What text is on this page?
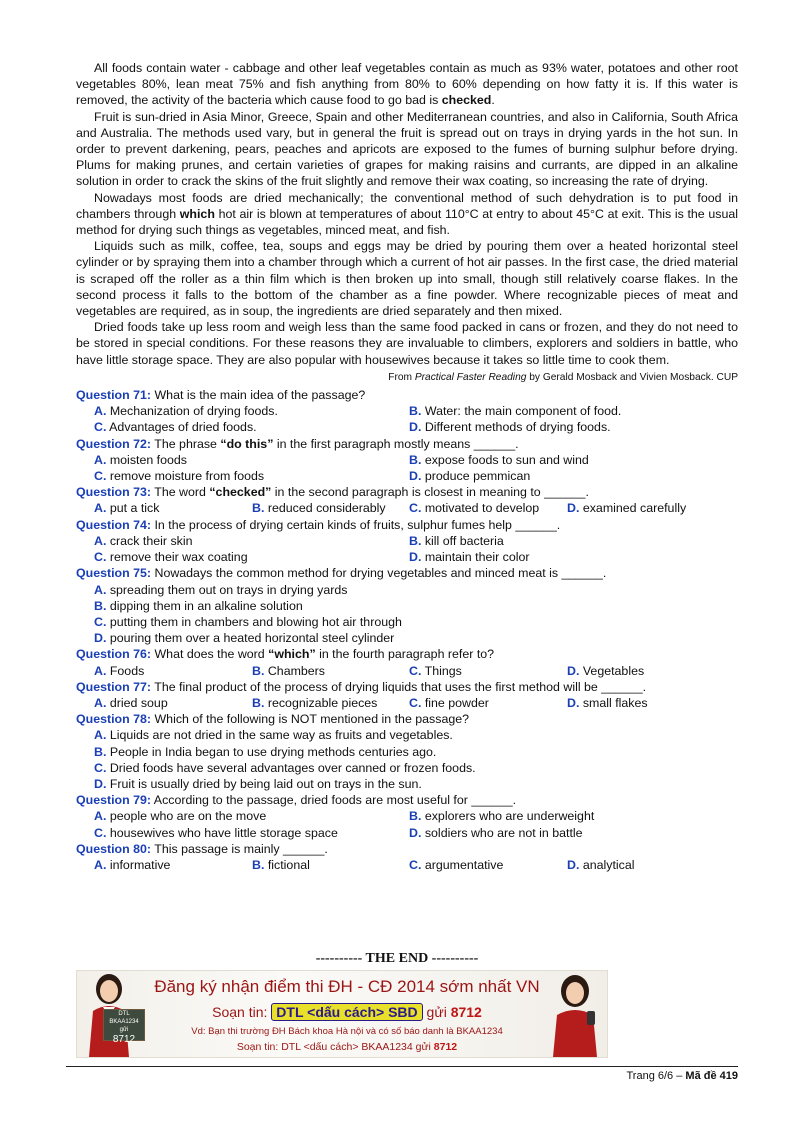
All foods contain water - cabbage and other leaf vegetables contain as much as 93% water, potatoes and other root vegetables 80%, lean meat 75% and fish anything from 80% to 60% depending on how fatty it is. If this water is removed, the activity of the bacteria which cause food to go bad is checked.

Fruit is sun-dried in Asia Minor, Greece, Spain and other Mediterranean countries, and also in California, South Africa and Australia. The methods used vary, but in general the fruit is spread out on trays in drying yards in the hot sun. In order to prevent darkening, pears, peaches and apricots are exposed to the fumes of burning sulphur before drying. Plums for making prunes, and certain varieties of grapes for making raisins and currants, are dipped in an alkaline solution in order to crack the skins of the fruit slightly and remove their wax coating, so increasing the rate of drying.

Nowadays most foods are dried mechanically; the conventional method of such dehydration is to put food in chambers through which hot air is blown at temperatures of about 110°C at entry to about 45°C at exit. This is the usual method for drying such things as vegetables, minced meat, and fish.

Liquids such as milk, coffee, tea, soups and eggs may be dried by pouring them over a heated horizontal steel cylinder or by spraying them into a chamber through which a current of hot air passes. In the first case, the dried material is scraped off the roller as a thin film which is then broken up into small, though still relatively coarse flakes. In the second process it falls to the bottom of the chamber as a fine powder. Where recognizable pieces of meat and vegetables are required, as in soup, the ingredients are dried separately and then mixed.

Dried foods take up less room and weigh less than the same food packed in cans or frozen, and they do not need to be stored in special conditions. For these reasons they are invaluable to climbers, explorers and soldiers in battle, who have little storage space. They are also popular with housewives because it takes so little time to cook them.

From Practical Faster Reading by Gerald Mosback and Vivien Mosback. CUP

Question 71: What is the main idea of the passage?

A. Mechanization of drying foods.	B. Water: the main component of food.
C. Advantages of dried foods.	D. Different methods of drying foods.

Question 72: The phrase “do this” in the first paragraph mostly means ______.

A. moisten foods	B. expose foods to sun and wind
C. remove moisture from foods	D. produce pemmican

Question 73: The word “checked” in the second paragraph is closest in meaning to ______.

A. put a tick	B. reduced considerably	C. motivated to develop	D. examined carefully

Question 74: In the process of drying certain kinds of fruits, sulphur fumes help ______.

A. crack their skin	B. kill off bacteria
C. remove their wax coating	D. maintain their color

Question 75: Nowadays the common method for drying vegetables and minced meat is ______.

A. spreading them out on trays in drying yards
B. dipping them in an alkaline solution
C. putting them in chambers and blowing hot air through
D. pouring them over a heated horizontal steel cylinder

Question 76: What does the word “which” in the fourth paragraph refer to?

A. Foods	B. Chambers	C. Things	D. Vegetables

Question 77: The final product of the process of drying liquids that uses the first method will be ______.

A. dried soup	B. recognizable pieces	C. fine powder	D. small flakes

Question 78: Which of the following is NOT mentioned in the passage?

A. Liquids are not dried in the same way as fruits and vegetables.
B. People in India began to use drying methods centuries ago.
C. Dried foods have several advantages over canned or frozen foods.
D. Fruit is usually dried by being laid out on trays in the sun.

Question 79: According to the passage, dried foods are most useful for ______.

A. people who are on the move	B. explorers who are underweight
C. housewives who have little storage space	D. soldiers who are not in battle

Question 80: This passage is mainly ______.

A. informative	B. fictional	C. argumentative	D. analytical
---------- THE END ----------
DTL BKAA1234
gửi
8712
Đăng ký nhận điểm thi ĐH - CĐ 2014 sớm nhất VN
Soạn tin: DTL <dấu cách> SBD gửi 8712
Vd: Bạn thi trường ĐH Bách khoa Hà nội và có số báo danh là BKAA1234
Soạn tin: DTL <dấu cách> BKAA1234 gửi 8712
Trang 6/6 – Mã đề 419
